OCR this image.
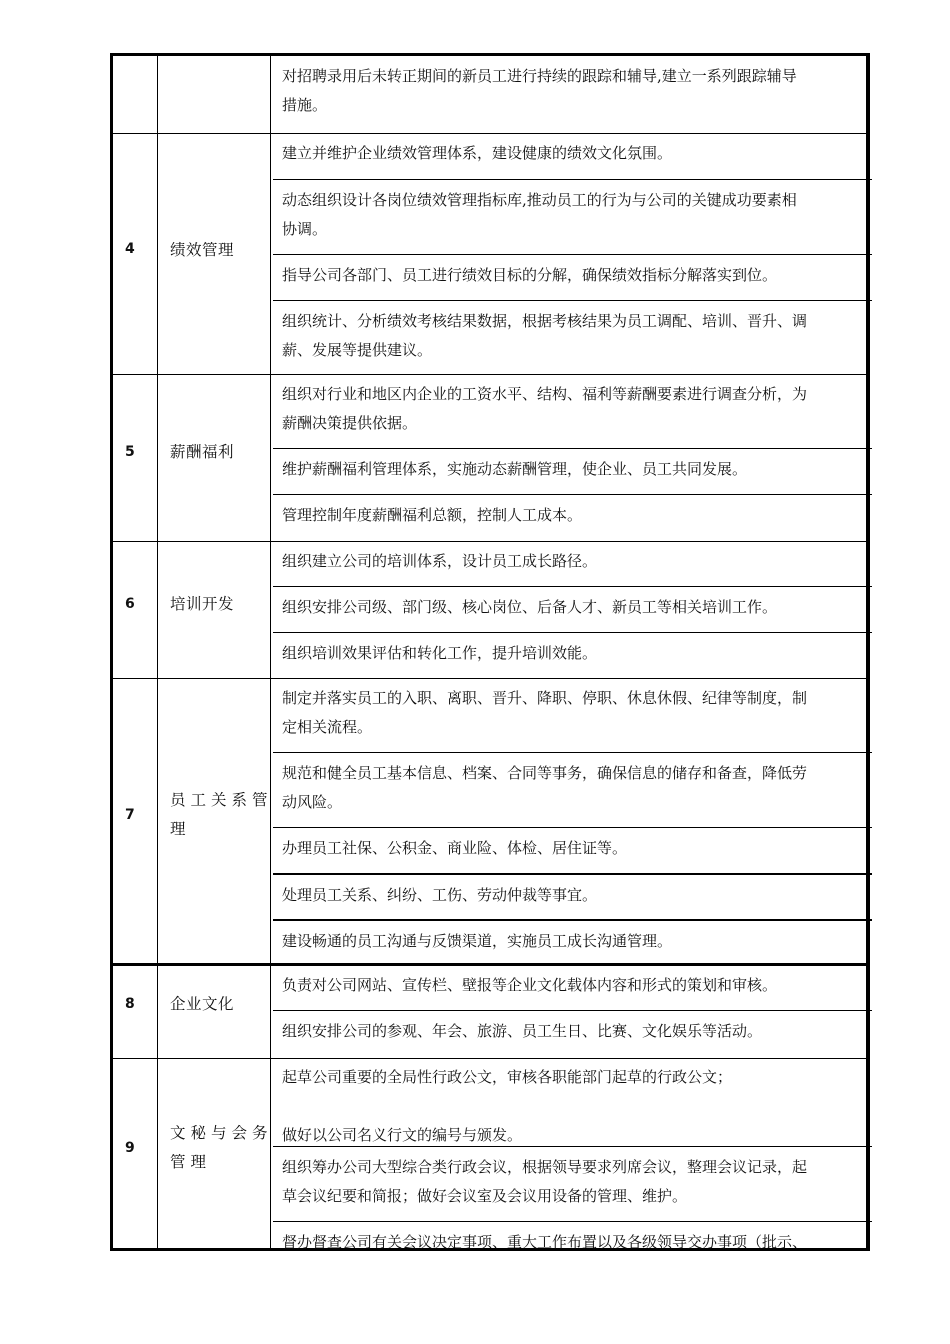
对招聘录用后未转正期间的新员工进行持续的跟踪和辅导,建立一系列跟踪辅导
措施。
4 绩效管理
建立并维护企业绩效管理体系，建设健康的绩效文化氛围。
动态组织设计各岗位绩效管理指标库,推动员工的行为与公司的关键成功要素相
协调。
指导公司各部门、员工进行绩效目标的分解，确保绩效指标分解落实到位。
组织统计、分析绩效考核结果数据，根据考核结果为员工调配、培训、晋升、调
薪、发展等提供建议。
5 薪酬福利
组织对行业和地区内企业的工资水平、结构、福利等薪酬要素进行调查分析，为
薪酬决策提供依据。
维护薪酬福利管理体系，实施动态薪酬管理，使企业、员工共同发展。
管理控制年度薪酬福利总额，控制人工成本。
6 培训开发
组织建立公司的培训体系，设计员工成长路径。
组织安排公司级、部门级、核心岗位、后备人才、新员工等相关培训工作。
组织培训效果评估和转化工作，提升培训效能。
7
员工关系管 理
制定并落实员工的入职、离职、晋升、降职、停职、休息休假、纪律等制度，制
定相关流程。
规范和健全员工基本信息、档案、合同等事务，确保信息的储存和备查，降低劳
动风险。
办理员工社保、公积金、商业险、体检、居住证等。
处理员工关系、纠纷、工伤、劳动仲裁等事宜。
建设畅通的员工沟通与反馈渠道，实施员工成长沟通管理。
8 企业文化
负责对公司网站、宣传栏、壁报等企业文化载体内容和形式的策划和审核。
组织安排公司的参观、年会、旅游、员工生日、比赛、文化娱乐等活动。
9
文秘与会务 管理
起草公司重要的全局性行政公文，审核各职能部门起草的行政公文；

做好以公司名义行文的编号与颁发。
组织筹办公司大型综合类行政会议，根据领导要求列席会议，整理会议记录，起
草会议纪要和简报；做好会议室及会议用设备的管理、维护。
督办督查公司有关会议决定事项、重大工作布置以及各级领导交办事项（批示、
